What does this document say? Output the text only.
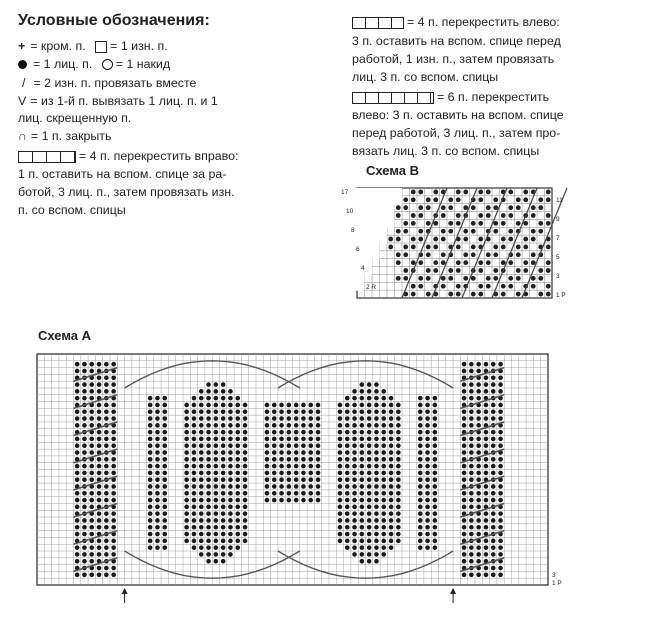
Условные обозначения:
+ = кром. п. = 1 изн. п.
= 1 лиц. п. = 1 накид
/ = 2 изн. п. провязать вместе
V = из 1-й п. вывязать 1 лиц. п. и 1
лиц. скрещенную п.
∩ = 1 п. закрыть
= 4 п. перекрестить вправо:
1 п. оставить на вспом. спице за ра-
ботой, 3 лиц. п., затем провязать изн.
п. со вспом. спицы
= 4 п. перекрестить влево:
3 п. оставить на вспом. спице перед
работой, 1 изн. п., затем провязать
лиц. 3 п. со вспом. спицы
= 6 п. перекрестить
влево: 3 п. оставить на вспом. спице
перед работой, 3 лиц. п., затем про-
вязать лиц. 3 п. со вспом. спицы
Схема В
Схема А
11
9
7
5
3
1 Р
17
10
8
6
4
2 R
3
1 Р
